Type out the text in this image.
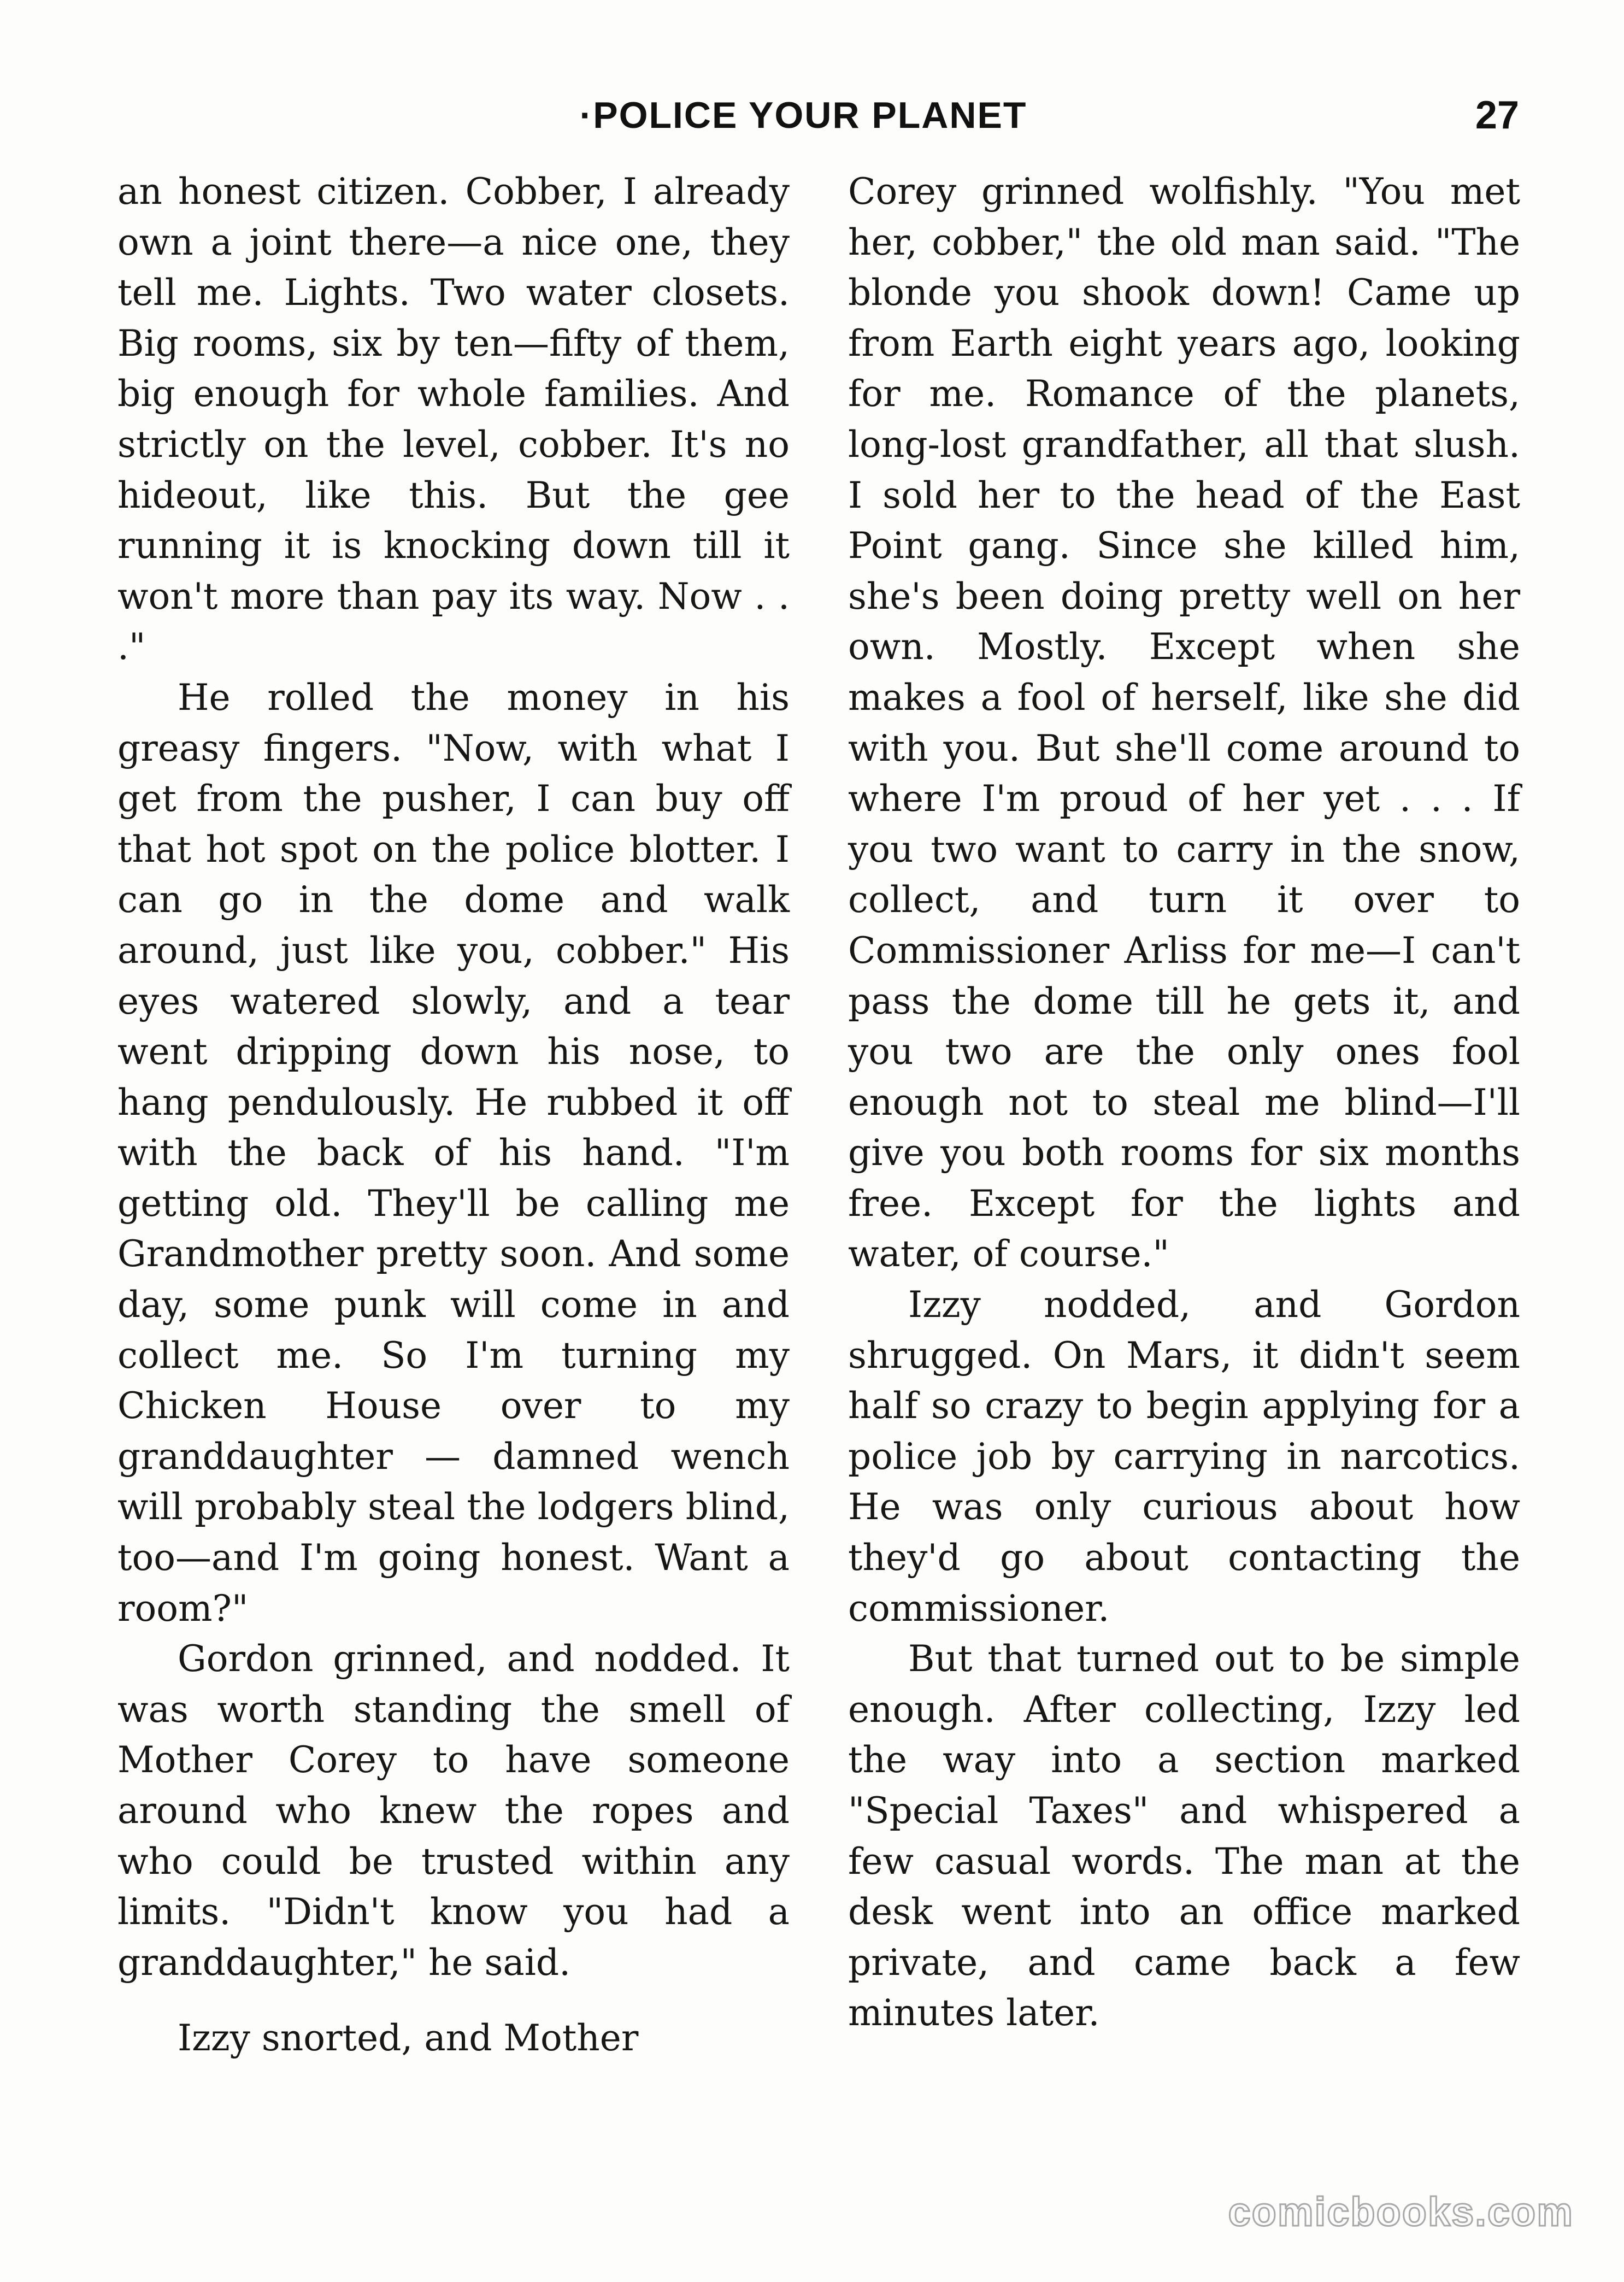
·POLICE YOUR PLANET	27

an honest citizen. Cobber, I already own a joint there—a nice one, they tell me. Lights. Two water closets. Big rooms, six by ten—fifty of them, big enough for whole families. And strictly on the level, cobber. It's no hideout, like this. But the gee running it is knocking down till it won't more than pay its way. Now . . ."

He rolled the money in his greasy fingers. "Now, with what I get from the pusher, I can buy off that hot spot on the police blotter. I can go in the dome and walk around, just like you, cobber." His eyes watered slowly, and a tear went dripping down his nose, to hang pendulously. He rubbed it off with the back of his hand. "I'm getting old. They'll be calling me Grandmother pretty soon. And some day, some punk will come in and collect me. So I'm turning my Chicken House over to my granddaughter — damned wench will probably steal the lodgers blind, too—and I'm going honest. Want a room?"

Gordon grinned, and nodded. It was worth standing the smell of Mother Corey to have someone around who knew the ropes and who could be trusted within any limits. "Didn't know you had a granddaughter," he said.

Izzy snorted, and Mother

Corey grinned wolfishly. "You met her, cobber," the old man said. "The blonde you shook down! Came up from Earth eight years ago, looking for me. Romance of the planets, long-lost grandfather, all that slush. I sold her to the head of the East Point gang. Since she killed him, she's been doing pretty well on her own. Mostly. Except when she makes a fool of herself, like she did with you. But she'll come around to where I'm proud of her yet . . . If you two want to carry in the snow, collect, and turn it over to Commissioner Arliss for me—I can't pass the dome till he gets it, and you two are the only ones fool enough not to steal me blind—I'll give you both rooms for six months free. Except for the lights and water, of course."

Izzy nodded, and Gordon shrugged. On Mars, it didn't seem half so crazy to begin applying for a police job by carrying in narcotics. He was only curious about how they'd go about contacting the commissioner.

But that turned out to be simple enough. After collecting, Izzy led the way into a section marked "Special Taxes" and whispered a few casual words. The man at the desk went into an office marked private, and came back a few minutes later.

comicbooks.com
